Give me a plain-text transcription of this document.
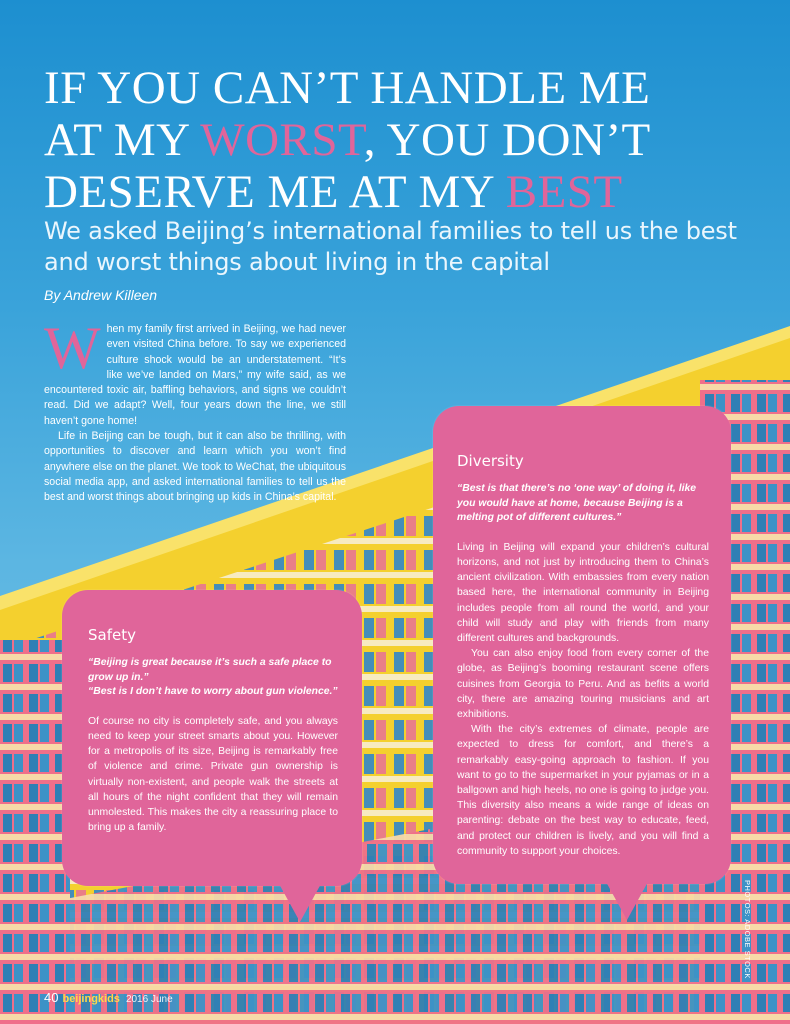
IF YOU CAN’T HANDLE ME
AT MY WORST, YOU DON’T
DESERVE ME AT MY BEST
We asked Beijing’s international families to tell us the best and worst things about living in the capital

By Andrew Killeen

When my family first arrived in Beijing, we had never even visited China before. To say we experienced culture shock would be an understatement. “It’s like we’ve landed on Mars,” my wife said, as we encountered toxic air, baffling behaviors, and signs we couldn’t read. Did we adapt? Well, four years down the line, we still haven’t gone home!

Life in Beijing can be tough, but it can also be thrilling, with opportunities to discover and learn which you won’t find anywhere else on the planet. We took to WeChat, the ubiquitous social media app, and asked international families to tell us the best and worst things about bringing up kids in China’s capital.

Safety

“Beijing is great because it’s such a safe place to grow up in.”

“Best is I don’t have to worry about gun violence.”

Of course no city is completely safe, and you always need to keep your street smarts about you. However for a metropolis of its size, Beijing is remarkably free of violence and crime. Private gun ownership is virtually non-existent, and people walk the streets at all hours of the night confident that they will remain unmolested. This makes the city a reassuring place to bring up a family.

Diversity

“Best is that there’s no ‘one way’ of doing it, like you would have at home, because Beijing is a melting pot of different cultures.”

Living in Beijing will expand your children’s cultural horizons, and not just by introducing them to China’s ancient civilization. With embassies from every nation based here, the international community in Beijing includes people from all round the world, and your child will study and play with friends from many different cultures and backgrounds.

You can also enjoy food from every corner of the globe, as Beijing’s booming restaurant scene offers cuisines from Georgia to Peru. And as befits a world city, there are amazing touring musicians and art exhibitions.

With the city’s extremes of climate, people are expected to dress for comfort, and there’s a remarkably easy-going approach to fashion. If you want to go to the supermarket in your pyjamas or in a ballgown and high heels, no one is going to judge you. This diversity also means a wide range of ideas on parenting: debate on the best way to educate, feed, and protect our children is lively, and you will find a community to support your choices.

40 beijingkids 2016 June
PHOTOS: ADOBE STOCK
